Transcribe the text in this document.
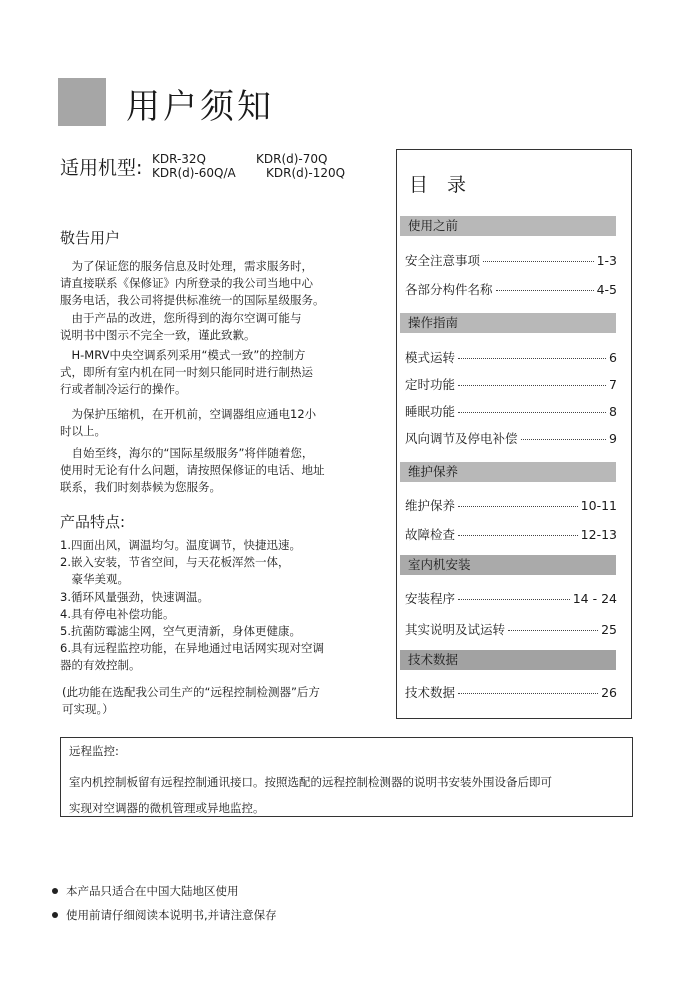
用户须知
适用机型: KDR-32Q	KDR(d)-70Q
KDR(d)-60Q/A	KDR(d)-120Q
敬告用户

　为了保证您的服务信息及时处理，需求服务时，
请直接联系《保修证》内所登录的我公司当地中心
服务电话，我公司将提供标准统一的国际星级服务。

　由于产品的改进，您所得到的海尔空调可能与
说明书中图示不完全一致，谨此致歉。

　H-MRV中央空调系列采用“模式一致”的控制方
式，即所有室内机在同一时刻只能同时进行制热运
行或者制冷运行的操作。

　为保护压缩机，在开机前，空调器组应通电12小
时以上。

　自始至终，海尔的“国际星级服务”将伴随着您，
使用时无论有什么问题，请按照保修证的电话、地址
联系，我们时刻恭候为您服务。

产品特点:
1.四面出风，调温均匀。温度调节，快捷迅速。
2.嵌入安装，节省空间，与天花板浑然一体，
　豪华美观。
3.循环风量强劲，快速调温。
4.具有停电补偿功能。
5.抗菌防霉滤尘网，空气更清新，身体更健康。
6.具有远程监控功能，在异地通过电话网实现对空调
器的有效控制。
(此功能在选配我公司生产的“远程控制检测器”后方
可实现。）
目　录
使用之前
安全注意事项	1-3
各部分构件名称	4-5
操作指南
模式运转	6
定时功能	7
睡眠功能	8
风向调节及停电补偿	9
维护保养
维护保养	10-11
故障检查	12-13
室内机安装
安装程序	14 - 24
其实说明及试运转	25
技术数据
技术数据	26
远程监控:
室内机控制板留有远程控制通讯接口。按照选配的远程控制检测器的说明书安装外围设备后即可
实现对空调器的微机管理或异地监控。
本产品只适合在中国大陆地区使用
使用前请仔细阅读本说明书,并请注意保存
